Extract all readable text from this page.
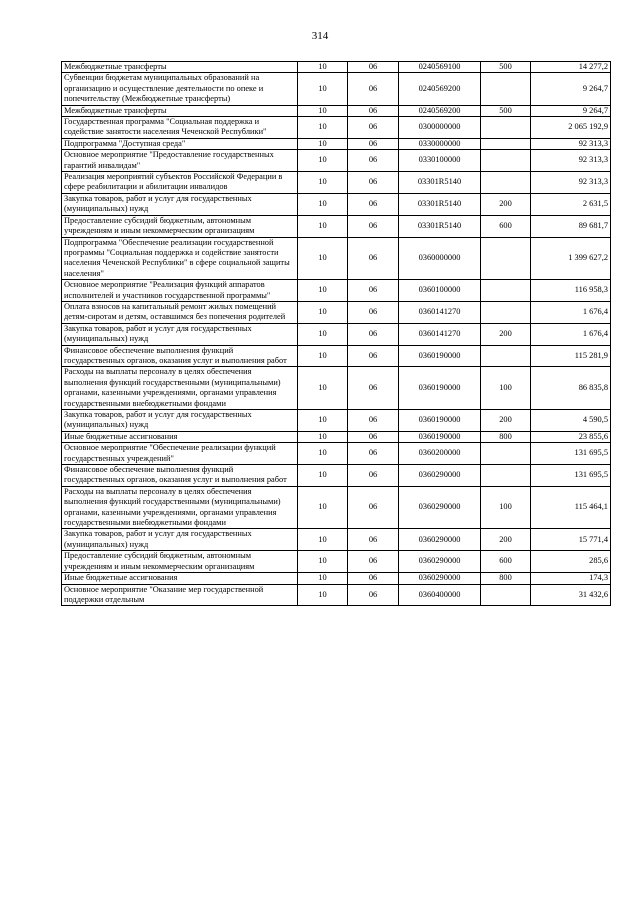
314
Межбюджетные трансферты	10	06	0240569100	500	14 277,2
Субвенции бюджетам муниципальных образований на организацию и осуществление деятельности по опеке и попечительству (Межбюджетные трансферты)	10	06	0240569200		9 264,7
Межбюджетные трансферты	10	06	0240569200	500	9 264,7
Государственная программа "Социальная поддержка и содействие занятости населения Чеченской Республики"	10	06	0300000000		2 065 192,9
Подпрограмма "Доступная среда"	10	06	0330000000		92 313,3
Основное мероприятие "Предоставление государственных гарантий инвалидам"	10	06	0330100000		92 313,3
Реализация мероприятий субъектов Российской Федерации в сфере реабилитации и абилитации инвалидов	10	06	03301R5140		92 313,3
Закупка товаров, работ и услуг для государственных (муниципальных) нужд	10	06	03301R5140	200	2 631,5
Предоставление субсидий бюджетным, автономным учреждениям и иным некоммерческим организациям	10	06	03301R5140	600	89 681,7
Подпрограмма "Обеспечение реализации государственной программы "Социальная поддержка и содействие занятости населения Чеченской Республики" в сфере социальной защиты населения"	10	06	0360000000		1 399 627,2
Основное мероприятие "Реализация функций аппаратов исполнителей и участников государственной программы"	10	06	0360100000		116 958,3
Оплата взносов на капитальный ремонт жилых помещений детям-сиротам и детям, оставшимся без попечения родителей	10	06	0360141270		1 676,4
Закупка товаров, работ и услуг для государственных (муниципальных) нужд	10	06	0360141270	200	1 676,4
Финансовое обеспечение выполнения функций государственных органов, оказания услуг и выполнения работ	10	06	0360190000		115 281,9
Расходы на выплаты персоналу в целях обеспечения выполнения функций государственными (муниципальными) органами, казенными учреждениями, органами управления государственными внебюджетными фондами	10	06	0360190000	100	86 835,8
Закупка товаров, работ и услуг для государственных (муниципальных) нужд	10	06	0360190000	200	4 590,5
Иные бюджетные ассигнования	10	06	0360190000	800	23 855,6
Основное мероприятие "Обеспечение реализации функций государственных учреждений"	10	06	0360200000		131 695,5
Финансовое обеспечение выполнения функций государственных органов, оказания услуг и выполнения работ	10	06	0360290000		131 695,5
Расходы на выплаты персоналу в целях обеспечения выполнения функций государственными (муниципальными) органами, казенными учреждениями, органами управления государственными внебюджетными фондами	10	06	0360290000	100	115 464,1
Закупка товаров, работ и услуг для государственных (муниципальных) нужд	10	06	0360290000	200	15 771,4
Предоставление субсидий бюджетным, автономным учреждениям и иным некоммерческим организациям	10	06	0360290000	600	285,6
Иные бюджетные ассигнования	10	06	0360290000	800	174,3
Основное мероприятие "Оказание мер государственной поддержки отдельным	10	06	0360400000		31 432,6
